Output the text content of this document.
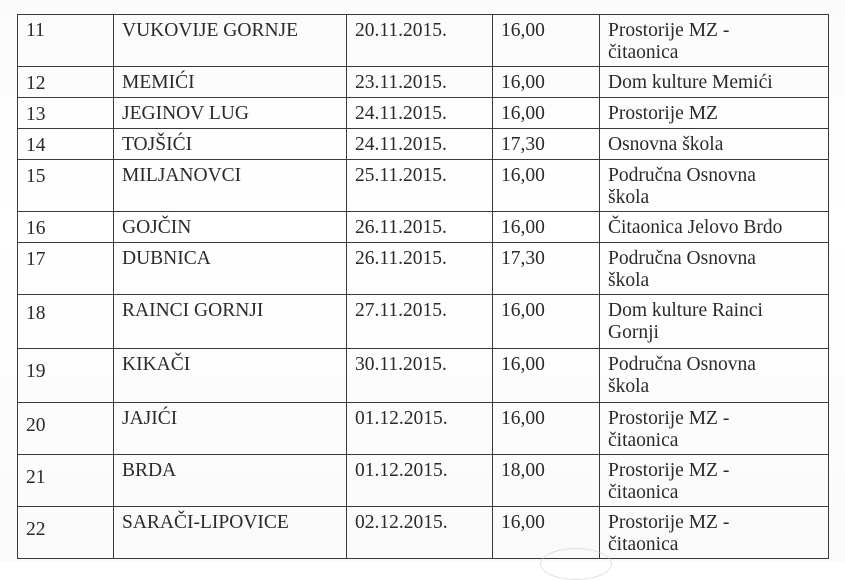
11	VUKOVIJE GORNJE	20.11.2015.	16,00	Prostorije MZ -
čitaonica
12	MEMIĆI	23.11.2015.	16,00	Dom kulture Memići
13	JEGINOV LUG	24.11.2015.	16,00	Prostorije MZ
14	TOJŠIĆI	24.11.2015.	17,30	Osnovna škola
15	MILJANOVCI	25.11.2015.	16,00	Područna Osnovna
škola
16	GOJČIN	26.11.2015.	16,00	Čitaonica Jelovo Brdo
17	DUBNICA	26.11.2015.	17,30	Područna Osnovna
škola
18	RAINCI GORNJI	27.11.2015.	16,00	Dom kulture Rainci
Gornji
19	KIKAČI	30.11.2015.	16,00	Područna Osnovna
škola
20	JAJIĆI	01.12.2015.	16,00	Prostorije MZ -
čitaonica
21	BRDA	01.12.2015.	18,00	Prostorije MZ -
čitaonica
22	SARAČI-LIPOVICE	02.12.2015.	16,00	Prostorije MZ -
čitaonica
